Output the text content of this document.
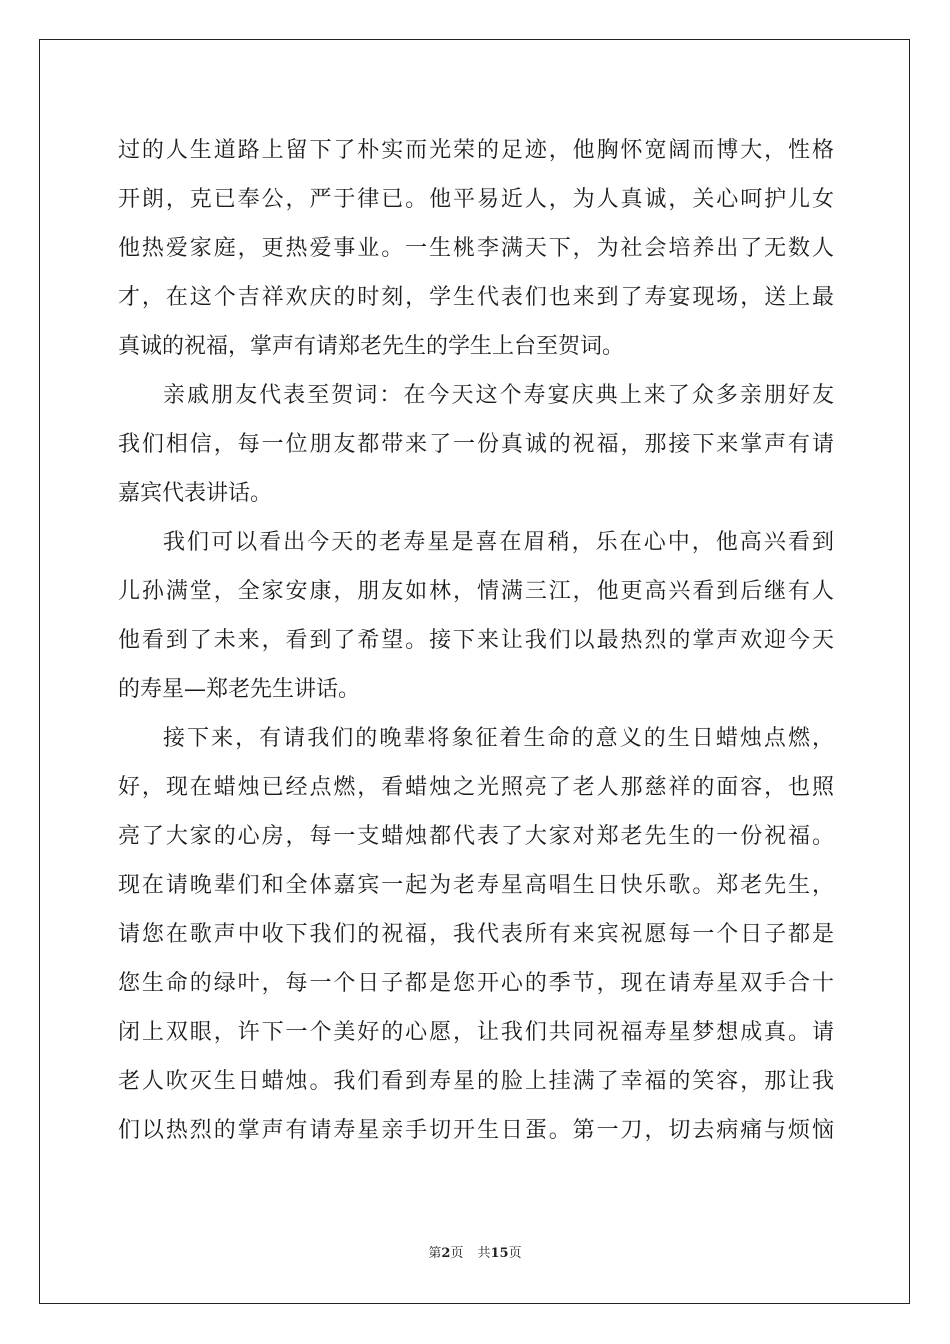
过的人生道路上留下了朴实而光荣的足迹，他胸怀宽阔而博大，性格
开朗，克已奉公，严于律已。他平易近人，为人真诚，关心呵护儿女
他热爱家庭，更热爱事业。一生桃李满天下，为社会培养出了无数人
才，在这个吉祥欢庆的时刻，学生代表们也来到了寿宴现场，送上最
真诚的祝福，掌声有请郑老先生的学生上台至贺词。
亲戚朋友代表至贺词：在今天这个寿宴庆典上来了众多亲朋好友
我们相信，每一位朋友都带来了一份真诚的祝福，那接下来掌声有请
嘉宾代表讲话。
我们可以看出今天的老寿星是喜在眉稍，乐在心中，他高兴看到
儿孙满堂，全家安康，朋友如林，情满三江，他更高兴看到后继有人
他看到了未来，看到了希望。接下来让我们以最热烈的掌声欢迎今天
的寿星—郑老先生讲话。
接下来，有请我们的晚辈将象征着生命的意义的生日蜡烛点燃，
好，现在蜡烛已经点燃，看蜡烛之光照亮了老人那慈祥的面容，也照
亮了大家的心房，每一支蜡烛都代表了大家对郑老先生的一份祝福。
现在请晚辈们和全体嘉宾一起为老寿星高唱生日快乐歌。郑老先生，
请您在歌声中收下我们的祝福，我代表所有来宾祝愿每一个日子都是
您生命的绿叶，每一个日子都是您开心的季节，现在请寿星双手合十
闭上双眼，许下一个美好的心愿，让我们共同祝福寿星梦想成真。请
老人吹灭生日蜡烛。我们看到寿星的脸上挂满了幸福的笑容，那让我
们以热烈的掌声有请寿星亲手切开生日蛋。第一刀，切去病痛与烦恼
第2页 共15页
